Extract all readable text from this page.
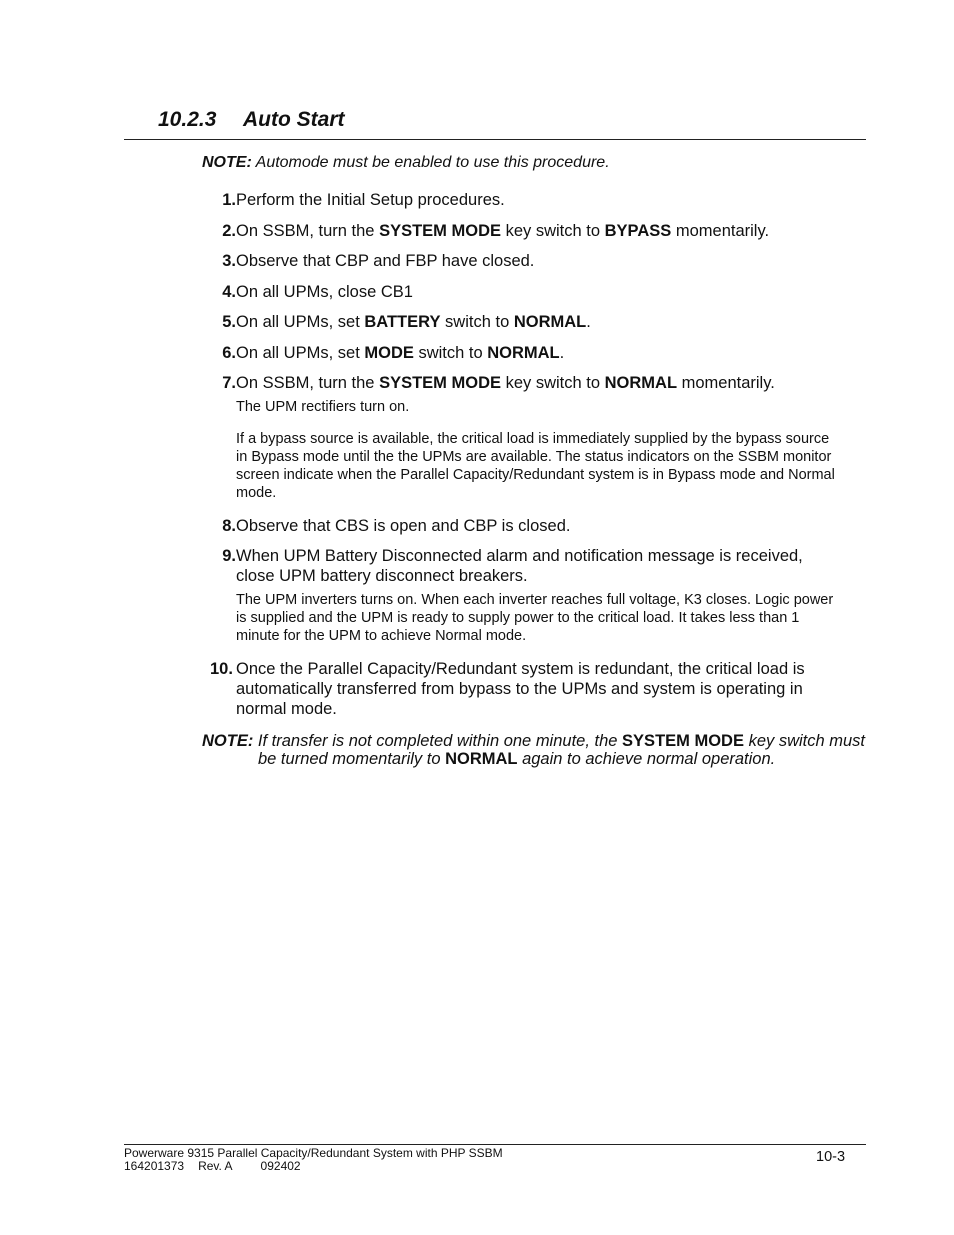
10.2.3 Auto Start
NOTE: Automode must be enabled to use this procedure.
1. Perform the Initial Setup procedures.
2. On SSBM, turn the SYSTEM MODE key switch to BYPASS momentarily.
3. Observe that CBP and FBP have closed.
4. On all UPMs, close CB1
5. On all UPMs, set BATTERY switch to NORMAL.
6. On all UPMs, set MODE switch to NORMAL.
7. On SSBM, turn the SYSTEM MODE key switch to NORMAL momentarily.
The UPM rectifiers turn on.
If a bypass source is available, the critical load is immediately supplied by the bypass source in Bypass mode until the the UPMs are available. The status indicators on the SSBM monitor screen indicate when the Parallel Capacity/Redundant system is in Bypass mode and Normal mode.
8. Observe that CBS is open and CBP is closed.
9. When UPM Battery Disconnected alarm and notification message is received, close UPM battery disconnect breakers.
The UPM inverters turns on. When each inverter reaches full voltage, K3 closes. Logic power is supplied and the UPM is ready to supply power to the critical load. It takes less than 1 minute for the UPM to achieve Normal mode.
10. Once the Parallel Capacity/Redundant system is redundant, the critical load is automatically transferred from bypass to the UPMs and system is operating in normal mode.
NOTE: If transfer is not completed within one minute, the SYSTEM MODE key switch must be turned momentarily to NORMAL again to achieve normal operation.
Powerware 9315 Parallel Capacity/Redundant System with PHP SSBM
164201373 Rev. A 092402
10-3
